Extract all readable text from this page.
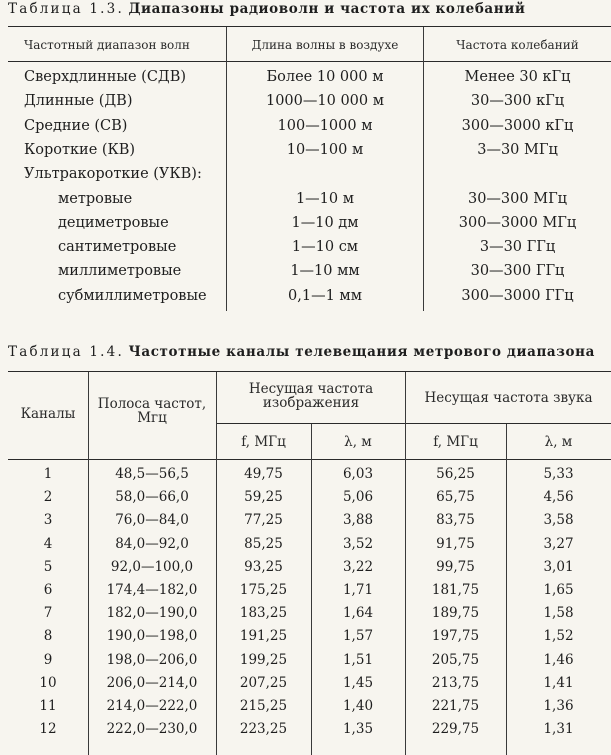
Таблица 1.3. Диапазоны радиоволн и частота их колебаний
Частотный диапазон волн	Длина волны в воздухе	Частота колебаний
Сверхдлинные (СДВ)	Более 10 000 м	Менее 30 кГц
Длинные (ДВ)	1000—10 000 м	30—300 кГц
Средние (СВ)	100—1000 м	300—3000 кГц
Короткие (КВ)	10—100 м	3—30 МГц
Ультракороткие (УКВ):
метровые	1—10 м	30—300 МГц
дециметровые	1—10 дм	300—3000 МГц
сантиметровые	1—10 см	3—30 ГГц
миллиметровые	1—10 мм	30—300 ГГц
субмиллиметровые	0,1—1 мм	300—3000 ГГц
Таблица 1.4. Частотные каналы телевещания метрового диапазона
Каналы
Полоса частот, Мгц
Несущая частота изображения	Несущая частота звука
f, МГц	λ, м	f, МГц	λ, м
1	48,5—56,5	49,75	6,03	56,25	5,33
2	58,0—66,0	59,25	5,06	65,75	4,56
3	76,0—84,0	77,25	3,88	83,75	3,58
4	84,0—92,0	85,25	3,52	91,75	3,27
5	92,0—100,0	93,25	3,22	99,75	3,01
6	174,4—182,0	175,25	1,71	181,75	1,65
7	182,0—190,0	183,25	1,64	189,75	1,58
8	190,0—198,0	191,25	1,57	197,75	1,52
9	198,0—206,0	199,25	1,51	205,75	1,46
10	206,0—214,0	207,25	1,45	213,75	1,41
11	214,0—222,0	215,25	1,40	221,75	1,36
12	222,0—230,0	223,25	1,35	229,75	1,31
